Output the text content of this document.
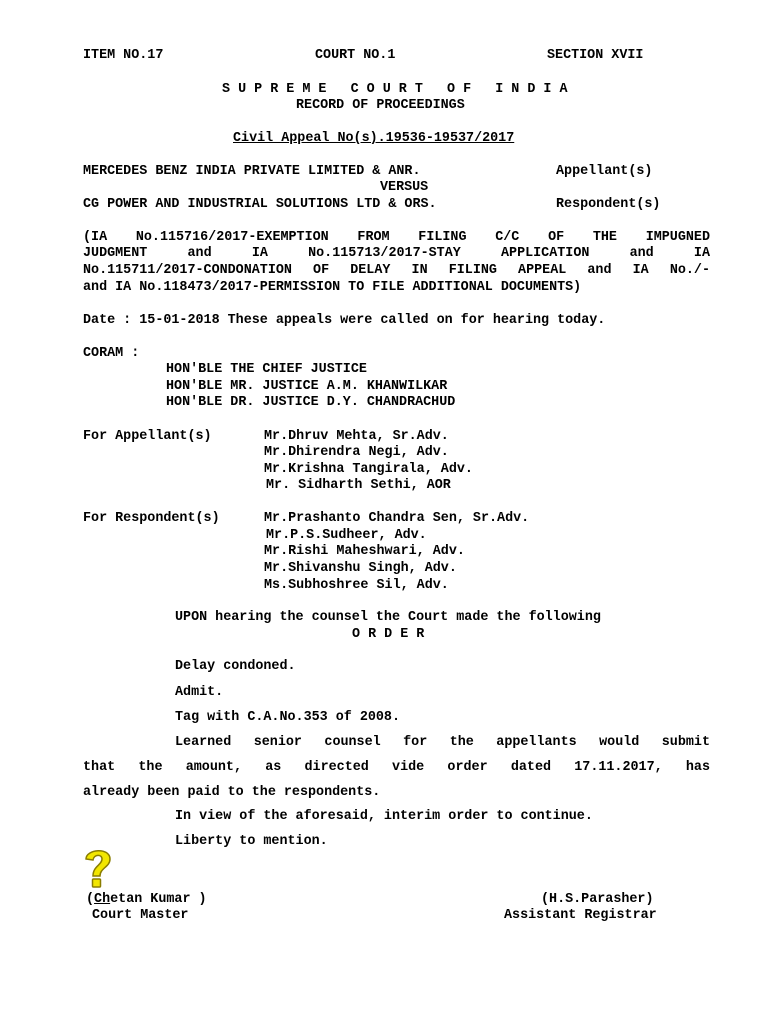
ITEM NO.17	COURT NO.1	SECTION XVII
S U P R E M E   C O U R T   O F   I N D I A
RECORD OF PROCEEDINGS
Civil Appeal No(s).19536-19537/2017
MERCEDES BENZ INDIA PRIVATE LIMITED & ANR.	Appellant(s)
VERSUS
CG POWER AND INDUSTRIAL SOLUTIONS LTD & ORS.	Respondent(s)
(IA No.115716/2017-EXEMPTION FROM FILING C/C OF THE IMPUGNED
JUDGMENT and IA No.115713/2017-STAY APPLICATION and IA
No.115711/2017-CONDONATION OF DELAY IN FILING APPEAL and IA No./-
and IA No.118473/2017-PERMISSION TO FILE ADDITIONAL DOCUMENTS)
Date : 15-01-2018 These appeals were called on for hearing today.
CORAM :
HON'BLE THE CHIEF JUSTICE
HON'BLE MR. JUSTICE A.M. KHANWILKAR
HON'BLE DR. JUSTICE D.Y. CHANDRACHUD
For Appellant(s)	Mr.Dhruv Mehta, Sr.Adv.
Mr.Dhirendra Negi, Adv.
Mr.Krishna Tangirala, Adv.
Mr. Sidharth Sethi, AOR
For Respondent(s)	Mr.Prashanto Chandra Sen, Sr.Adv.
Mr.P.S.Sudheer, Adv.
Mr.Rishi Maheshwari, Adv.
Mr.Shivanshu Singh, Adv.
Ms.Subhoshree Sil, Adv.
UPON hearing the counsel the Court made the following
O R D E R
Delay condoned.
Admit.
Tag with C.A.No.353 of 2008.
Learned senior counsel for the appellants would submit
that the amount, as directed vide order dated 17.11.2017, has
already been paid to the respondents.
In view of the aforesaid, interim order to continue.
Liberty to mention.
(Chetan Kumar )
Court Master
(H.S.Parasher)
Assistant Registrar
